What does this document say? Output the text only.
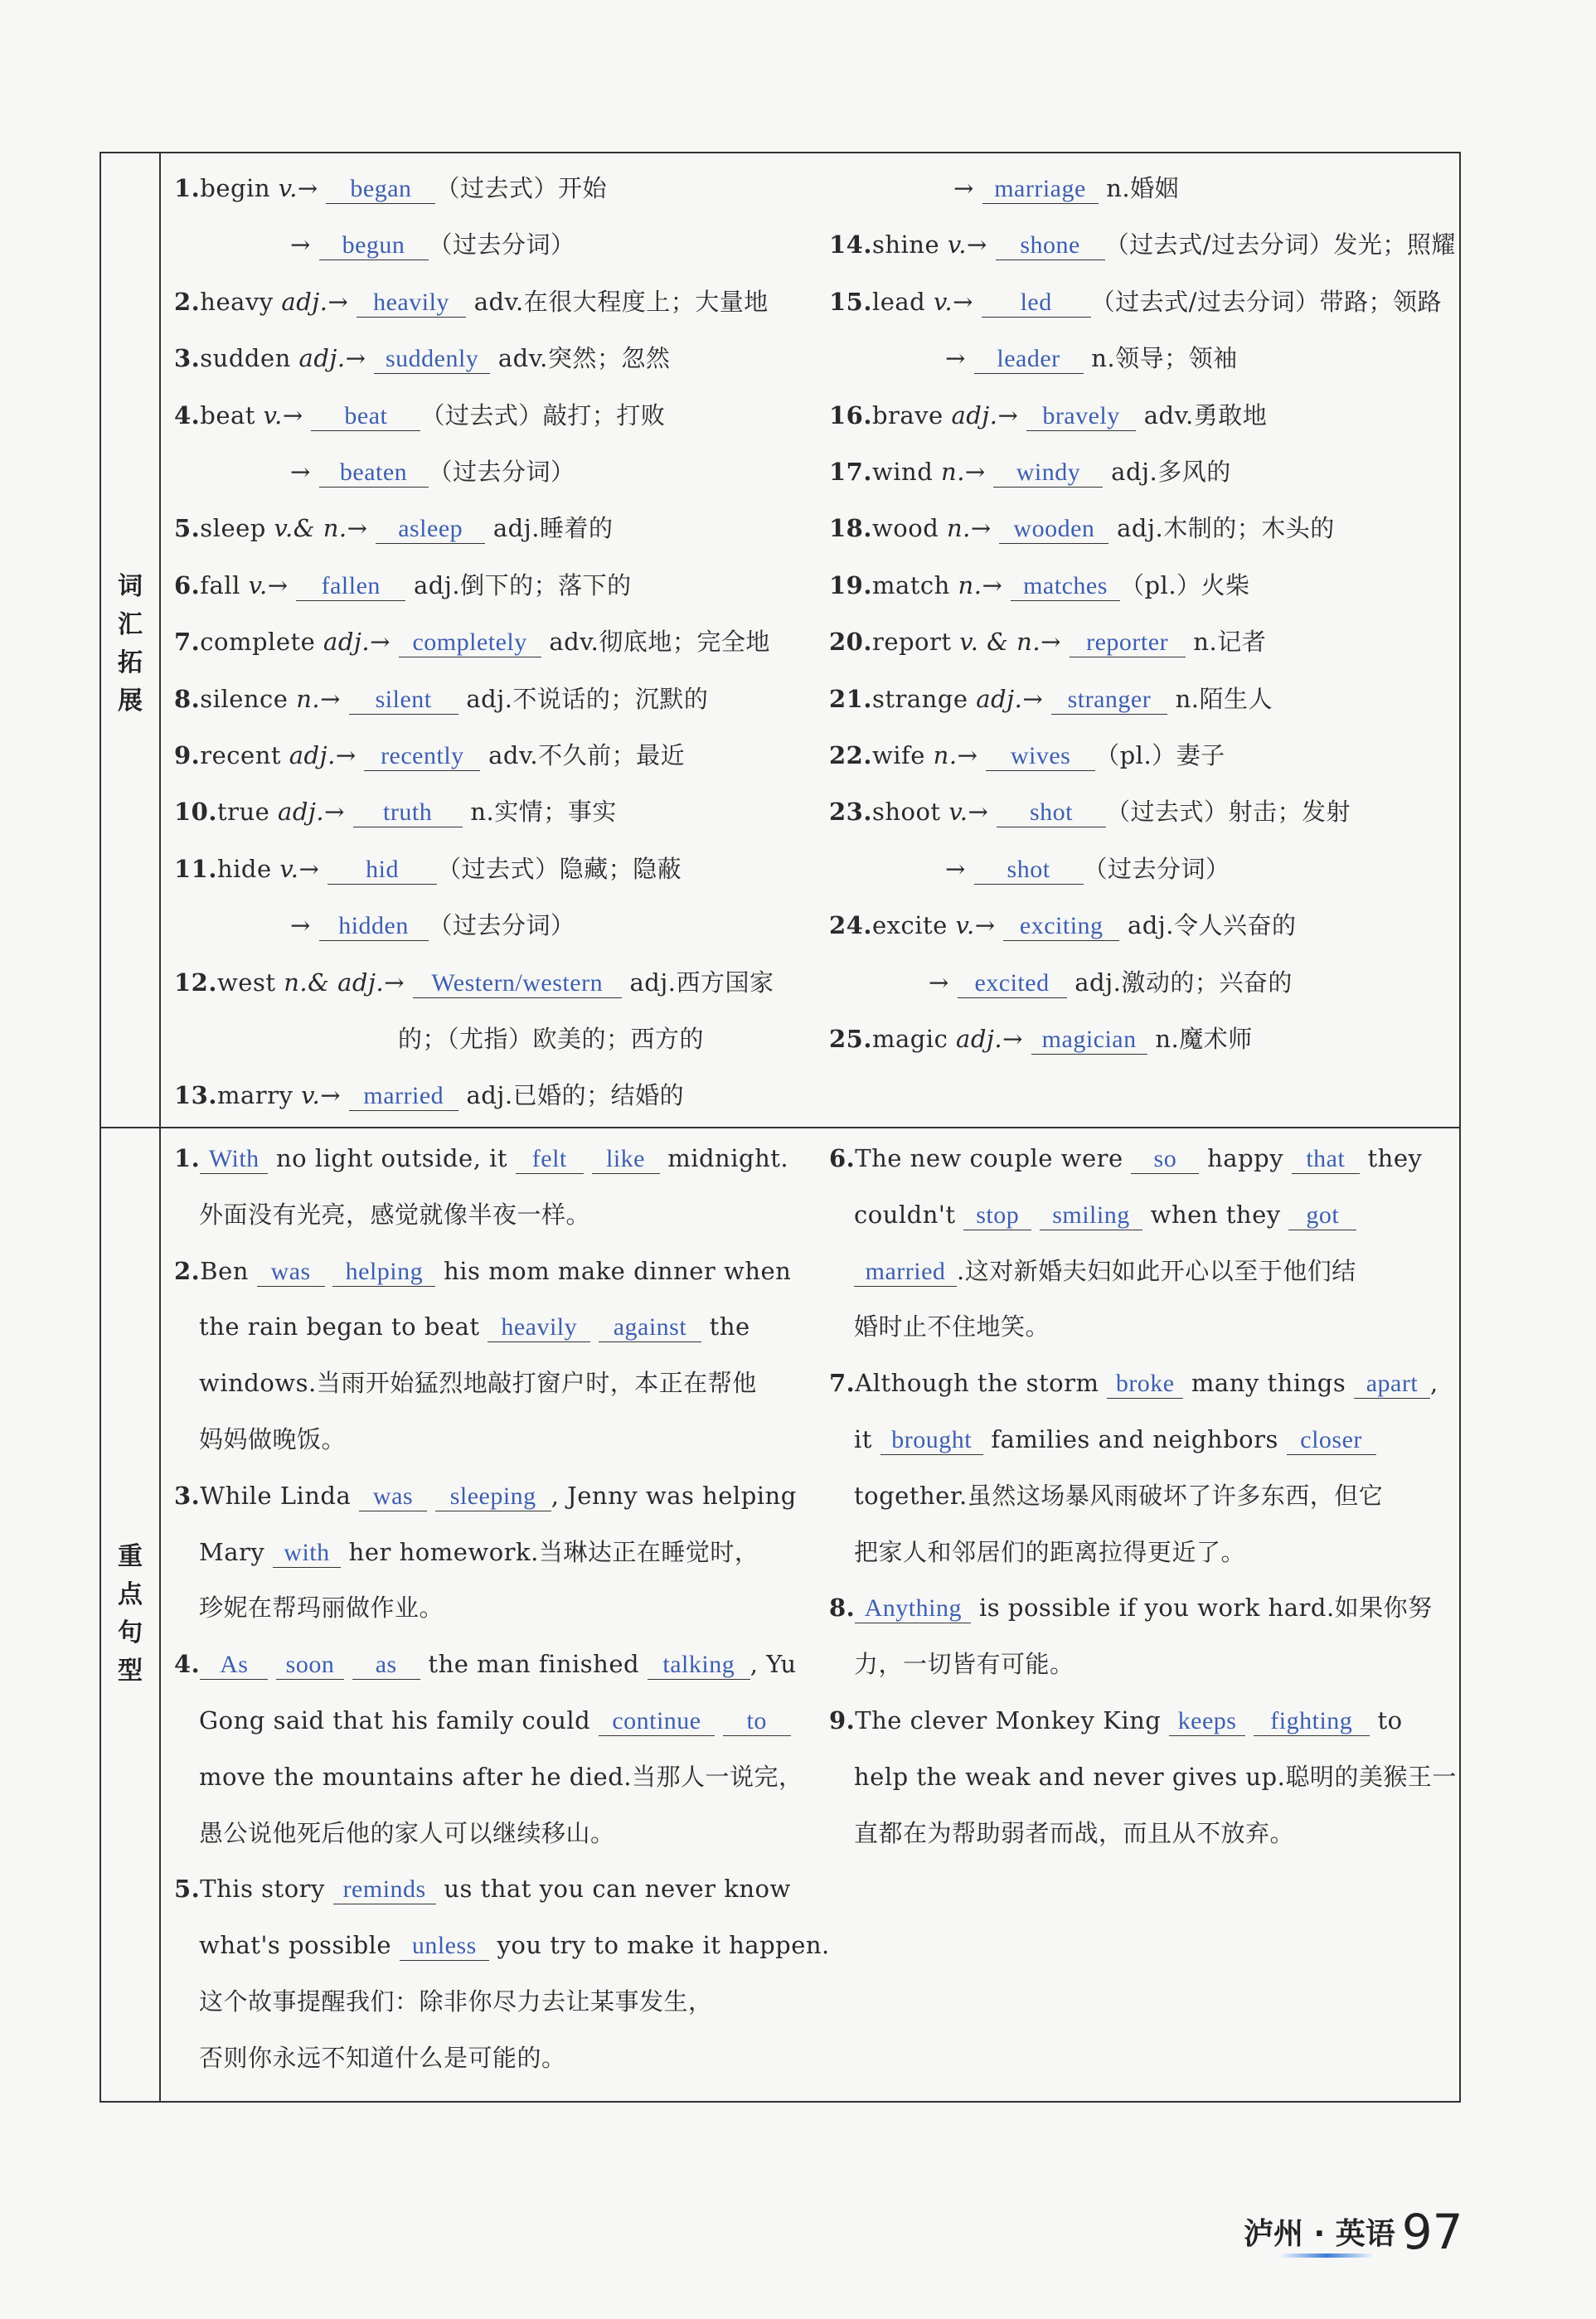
词
汇
拓
展
重
点
句
型
1.begin v.→ began （过去式）开始
→ begun （过去分词）
2.heavy adj.→ heavily adv.在很大程度上；大量地
3.sudden adj.→ suddenly adv.突然；忽然
4.beat v.→ beat （过去式）敲打；打败
→ beaten （过去分词）
5.sleep v.& n.→ asleep adj.睡着的
6.fall v.→ fallen adj.倒下的；落下的
7.complete adj.→ completely adv.彻底地；完全地
8.silence n.→ silent adj.不说话的；沉默的
9.recent adj.→ recently adv.不久前；最近
10.true adj.→ truth n.实情；事实
11.hide v.→ hid （过去式）隐藏；隐蔽
→ hidden （过去分词）
12.west n.& adj.→ Western/western adj.西方国家
的；（尤指）欧美的；西方的
13.marry v.→ married adj.已婚的；结婚的
→ marriage n.婚姻
14.shine v.→ shone （过去式/过去分词）发光；照耀
15.lead v.→ led （过去式/过去分词）带路；领路
→ leader n.领导；领袖
16.brave adj.→ bravely adv.勇敢地
17.wind n.→ windy adj.多风的
18.wood n.→ wooden adj.木制的；木头的
19.match n.→ matches （pl.）火柴
20.report v. & n.→ reporter n.记者
21.strange adj.→ stranger n.陌生人
22.wife n.→ wives （pl.）妻子
23.shoot v.→ shot （过去式）射击；发射
→ shot （过去分词）
24.excite v.→ exciting adj.令人兴奋的
→ excited adj.激动的；兴奋的
25.magic adj.→ magician n.魔术师
1. With no light outside, it felt like midnight.
外面没有光亮，感觉就像半夜一样。
2.Ben was helping his mom make dinner when
the rain began to beat heavily against the
windows.当雨开始猛烈地敲打窗户时，本正在帮他
妈妈做晚饭。
3.While Linda was sleeping , Jenny was helping
Mary with her homework.当琳达正在睡觉时，
珍妮在帮玛丽做作业。
4. As soon as the man finished talking , Yu
Gong said that his family could continue to
move the mountains after he died.当那人一说完，
愚公说他死后他的家人可以继续移山。
5.This story reminds us that you can never know
what's possible unless you try to make it happen.
这个故事提醒我们：除非你尽力去让某事发生，
否则你永远不知道什么是可能的。
6.The new couple were so happy that they
couldn't stop smiling when they got
married .这对新婚夫妇如此开心以至于他们结
婚时止不住地笑。
7.Although the storm broke many things apart ,
it brought families and neighbors closer
together.虽然这场暴风雨破坏了许多东西，但它
把家人和邻居们的距离拉得更近了。
8. Anything is possible if you work hard.如果你努
力，一切皆有可能。
9.The clever Monkey King keeps fighting to
help the weak and never gives up.聪明的美猴王一
直都在为帮助弱者而战，而且从不放弃。
泸州 · 英语 97
